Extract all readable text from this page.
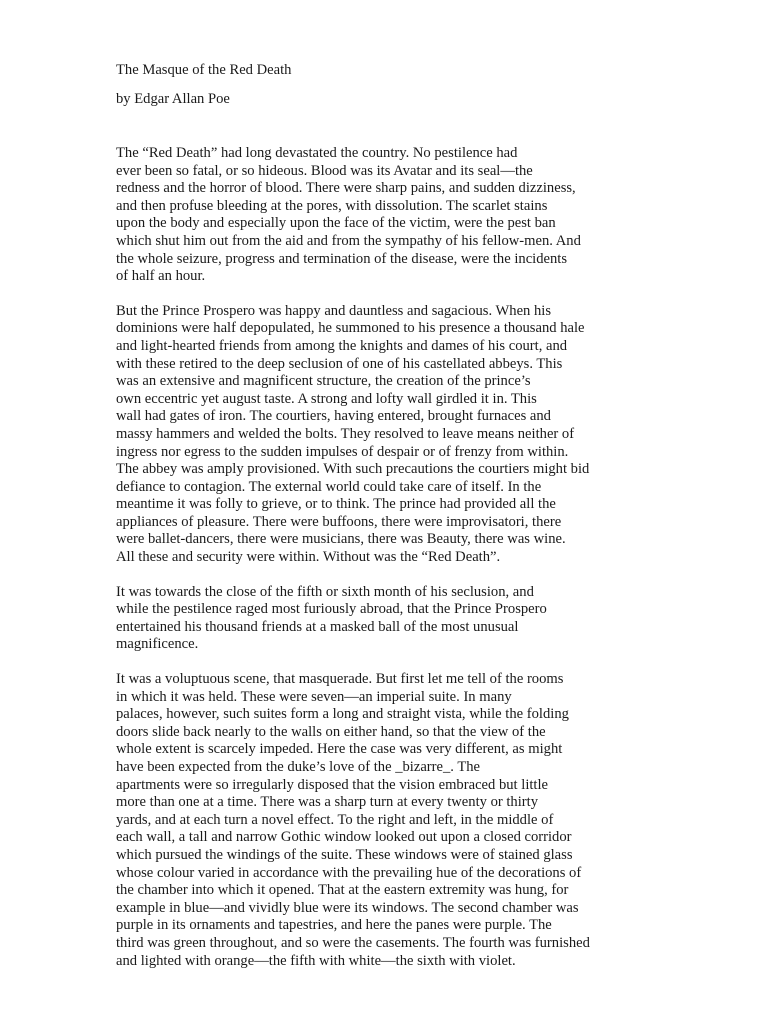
The Masque of the Red Death
by Edgar Allan Poe
The “Red Death” had long devastated the country. No pestilence had
ever been so fatal, or so hideous. Blood was its Avatar and its seal—the
redness and the horror of blood. There were sharp pains, and sudden dizziness,
and then profuse bleeding at the pores, with dissolution. The scarlet stains
upon the body and especially upon the face of the victim, were the pest ban
which shut him out from the aid and from the sympathy of his fellow-men. And
the whole seizure, progress and termination of the disease, were the incidents
of half an hour.
But the Prince Prospero was happy and dauntless and sagacious. When his
dominions were half depopulated, he summoned to his presence a thousand hale
and light-hearted friends from among the knights and dames of his court, and
with these retired to the deep seclusion of one of his castellated abbeys. This
was an extensive and magnificent structure, the creation of the prince’s
own eccentric yet august taste. A strong and lofty wall girdled it in. This
wall had gates of iron. The courtiers, having entered, brought furnaces and
massy hammers and welded the bolts. They resolved to leave means neither of
ingress nor egress to the sudden impulses of despair or of frenzy from within.
The abbey was amply provisioned. With such precautions the courtiers might bid
defiance to contagion. The external world could take care of itself. In the
meantime it was folly to grieve, or to think. The prince had provided all the
appliances of pleasure. There were buffoons, there were improvisatori, there
were ballet-dancers, there were musicians, there was Beauty, there was wine.
All these and security were within. Without was the “Red Death”.
It was towards the close of the fifth or sixth month of his seclusion, and
while the pestilence raged most furiously abroad, that the Prince Prospero
entertained his thousand friends at a masked ball of the most unusual
magnificence.
It was a voluptuous scene, that masquerade. But first let me tell of the rooms
in which it was held. These were seven—an imperial suite. In many
palaces, however, such suites form a long and straight vista, while the folding
doors slide back nearly to the walls on either hand, so that the view of the
whole extent is scarcely impeded. Here the case was very different, as might
have been expected from the duke’s love of the _bizarre_. The
apartments were so irregularly disposed that the vision embraced but little
more than one at a time. There was a sharp turn at every twenty or thirty
yards, and at each turn a novel effect. To the right and left, in the middle of
each wall, a tall and narrow Gothic window looked out upon a closed corridor
which pursued the windings of the suite. These windows were of stained glass
whose colour varied in accordance with the prevailing hue of the decorations of
the chamber into which it opened. That at the eastern extremity was hung, for
example in blue—and vividly blue were its windows. The second chamber was
purple in its ornaments and tapestries, and here the panes were purple. The
third was green throughout, and so were the casements. The fourth was furnished
and lighted with orange—the fifth with white—the sixth with violet.
